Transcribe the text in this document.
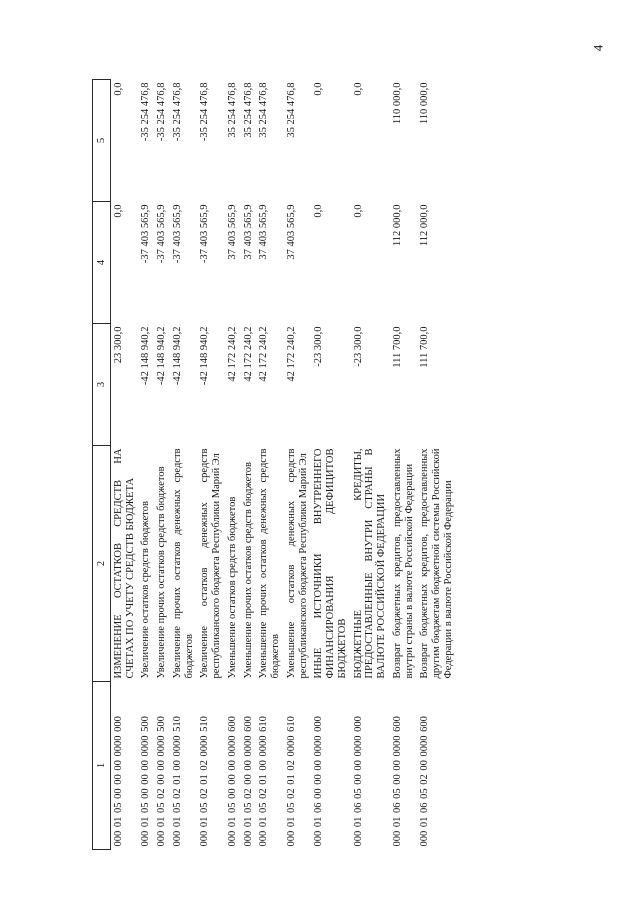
4
1	2	3	4	5
000 01 05 00 00 00 0000 000	ИЗМЕНЕНИЕ ОСТАТКОВ СРЕДСТВ НА СЧЕТАХ ПО УЧЕТУ СРЕДСТВ БЮДЖЕТА	23 300,0	0,0	0,0
000 01 05 00 00 00 0000 500	Увеличение остатков средств бюджетов	-42 148 940,2	-37 403 565,9	-35 254 476,8
000 01 05 02 00 00 0000 500	Увеличение прочих остатков средств бюджетов	-42 148 940,2	-37 403 565,9	-35 254 476,8
000 01 05 02 01 00 0000 510	Увеличение прочих остатков денежных средств бюджетов	-42 148 940,2	-37 403 565,9	-35 254 476,8
000 01 05 02 01 02 0000 510	Увеличение остатков денежных средств республиканского бюджета Республики Марий Эл	-42 148 940,2	-37 403 565,9	-35 254 476,8
000 01 05 00 00 00 0000 600	Уменьшение остатков средств бюджетов	42 172 240,2	37 403 565,9	35 254 476,8
000 01 05 02 00 00 0000 600	Уменьшение прочих остатков средств бюджетов	42 172 240,2	37 403 565,9	35 254 476,8
000 01 05 02 01 00 0000 610	Уменьшение прочих остатков денежных средств бюджетов	42 172 240,2	37 403 565,9	35 254 476,8
000 01 05 02 01 02 0000 610	Уменьшение остатков денежных средств республиканского бюджета Республики Марий Эл	42 172 240,2	37 403 565,9	35 254 476,8
000 01 06 00 00 00 0000 000	ИНЫЕ ИСТОЧНИКИ ВНУТРЕННЕГО ФИНАНСИРОВАНИЯ ДЕФИЦИТОВ БЮДЖЕТОВ	-23 300,0	0,0	0,0
000 01 06 05 00 00 0000 000	БЮДЖЕТНЫЕ КРЕДИТЫ, ПРЕДОСТАВЛЕННЫЕ ВНУТРИ СТРАНЫ В ВАЛЮТЕ РОССИЙСКОЙ ФЕДЕРАЦИИ	-23 300,0	0,0	0,0
000 01 06 05 00 00 0000 600	Возврат бюджетных кредитов, предоставленных внутри страны в валюте Российской Федерации	111 700,0	112 000,0	110 000,0
000 01 06 05 02 00 0000 600	Возврат бюджетных кредитов, предоставленных другим бюджетам бюджетной системы Российской Федерации в валюте Российской Федерации	111 700,0	112 000,0	110 000,0
